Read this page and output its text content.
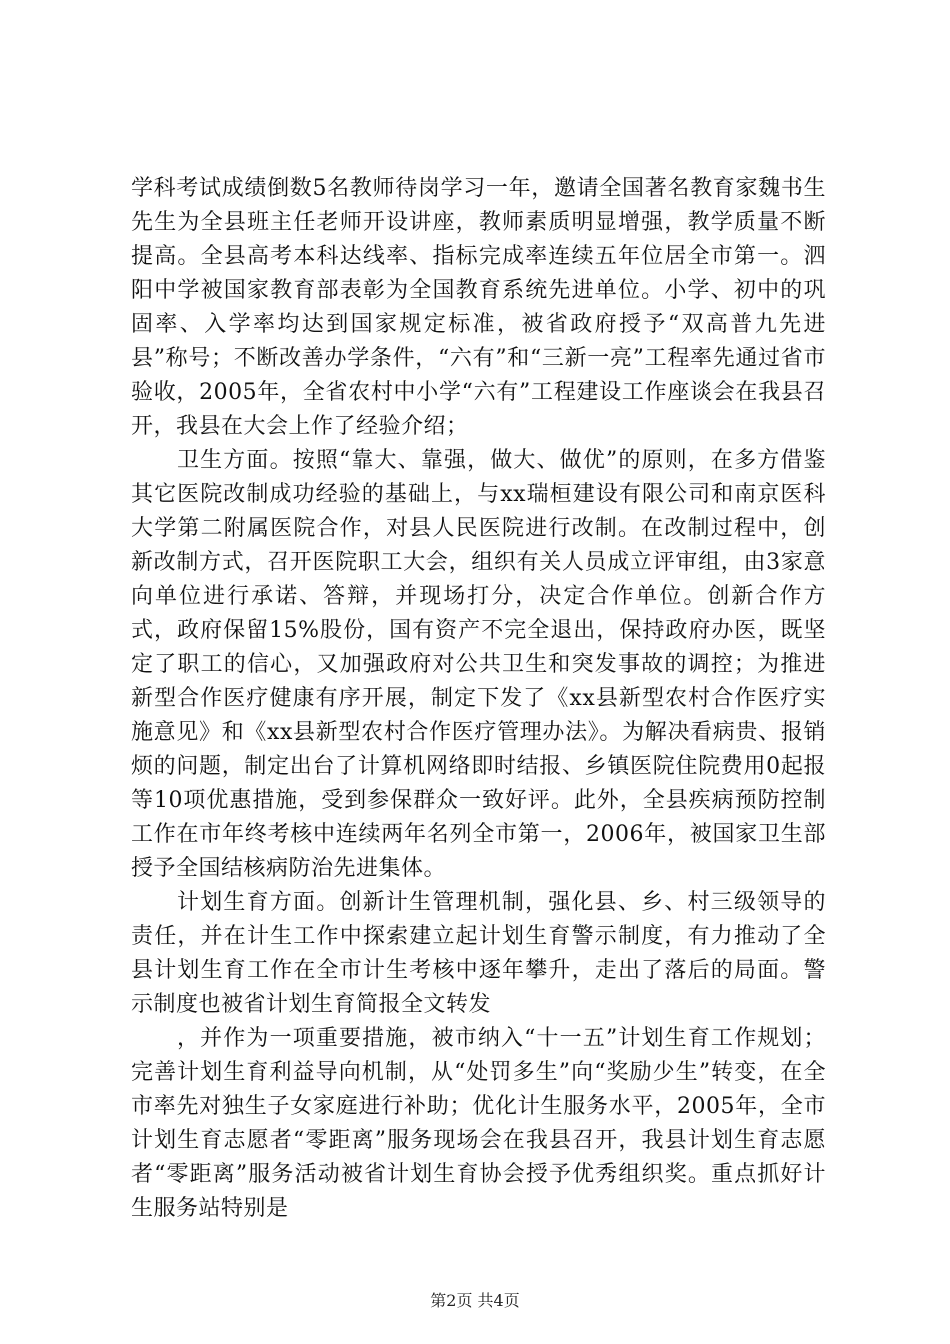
学科考试成绩倒数5名教师待岗学习一年，邀请全国著名教育家魏书生先生为全县班主任老师开设讲座，教师素质明显增强，教学质量不断提高。全县高考本科达线率、指标完成率连续五年位居全市第一。泗阳中学被国家教育部表彰为全国教育系统先进单位。小学、初中的巩固率、入学率均达到国家规定标准，被省政府授予“双高普九先进县”称号；不断改善办学条件，“六有”和“三新一亮”工程率先通过省市验收，2005年，全省农村中小学“六有”工程建设工作座谈会在我县召开，我县在大会上作了经验介绍；

卫生方面。按照“靠大、靠强，做大、做优”的原则，在多方借鉴其它医院改制成功经验的基础上，与xx瑞桓建设有限公司和南京医科大学第二附属医院合作，对县人民医院进行改制。在改制过程中，创新改制方式，召开医院职工大会，组织有关人员成立评审组，由3家意向单位进行承诺、答辩，并现场打分，决定合作单位。创新合作方式，政府保留15%股份，国有资产不完全退出，保持政府办医，既坚定了职工的信心，又加强政府对公共卫生和突发事故的调控；为推进新型合作医疗健康有序开展，制定下发了《xx县新型农村合作医疗实施意见》和《xx县新型农村合作医疗管理办法》。为解决看病贵、报销烦的问题，制定出台了计算机网络即时结报、乡镇医院住院费用0起报等10项优惠措施，受到参保群众一致好评。此外，全县疾病预防控制工作在市年终考核中连续两年名列全市第一，2006年，被国家卫生部授予全国结核病防治先进集体。

计划生育方面。创新计生管理机制，强化县、乡、村三级领导的责任，并在计生工作中探索建立起计划生育警示制度，有力推动了全县计划生育工作在全市计生考核中逐年攀升，走出了落后的局面。警示制度也被省计划生育简报全文转发

，并作为一项重要措施，被市纳入“十一五”计划生育工作规划；完善计划生育利益导向机制，从“处罚多生”向“奖励少生”转变，在全市率先对独生子女家庭进行补助；优化计生服务水平，2005年，全市计划生育志愿者“零距离”服务现场会在我县召开，我县计划生育志愿者“零距离”服务活动被省计划生育协会授予优秀组织奖。重点抓好计生服务站特别是

第2页 共4页
